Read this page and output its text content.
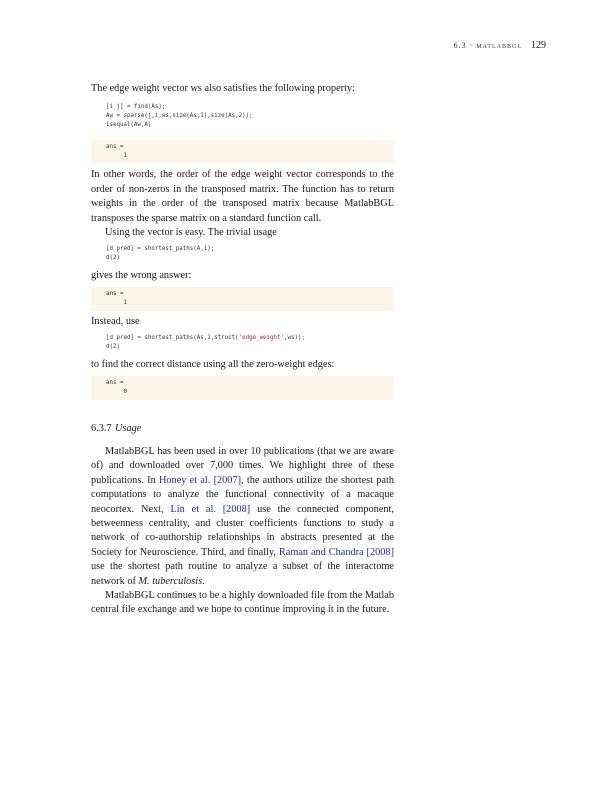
6.3 · matlabbgl 129

The edge weight vector ws also satisfies the following property:

[i j] = find(As);
Aw = sparse(j,i,ws,size(As,1),size(As,2));
isequal(Aw,A)
ans =
1

In other words, the order of the edge weight vector corresponds to the order of non-zeros in the transposed matrix. The function has to return weights in the order of the transposed matrix because MatlabBGL transposes the sparse matrix on a standard function call.

Using the vector is easy. The trivial usage

[d pred] = shortest_paths(A,1);
d(2)

gives the wrong answer:

ans =
1

Instead, use

[d pred] = shortest_paths(As,1,struct('edge_weight',ws));
d(2)

to find the correct distance using all the zero-weight edges:

ans =
0
6.3.7 Usage

MatlabBGL has been used in over 10 publications (that we are aware of) and downloaded over 7,000 times. We highlight three of these publications. In Honey et al. [2007], the authors utilize the shortest path computations to analyze the functional connectivity of a macaque neocortex. Next, Lin et al. [2008] use the connected component, betweenness centrality, and cluster coefficients functions to study a network of co-authorship relationships in abstracts presented at the Society for Neuroscience. Third, and finally, Raman and Chandra [2008] use the shortest path routine to analyze a subset of the interactome network of M. tuberculosis.

MatlabBGL continues to be a highly downloaded file from the Matlab central file exchange and we hope to continue improving it in the future.
